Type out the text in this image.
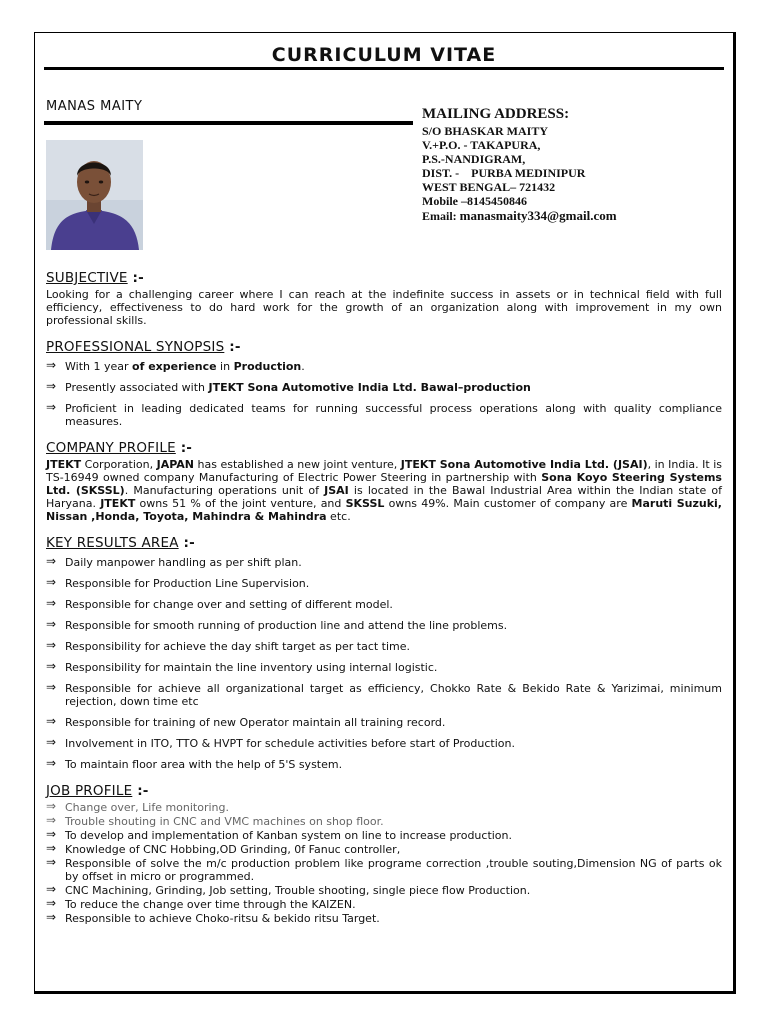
CURRICULUM VITAE
MANAS MAITY	MAILING ADDRESS:
S/O BHASKAR MAITY
V.+P.O. - TAKAPURA,
P.S.-NANDIGRAM,
DIST. -    PURBA MEDINIPUR
WEST BENGAL– 721432
Mobile –8145450846
Email: manasmaity334@gmail.com
SUBJECTIVE :-

Looking for a challenging career where I can reach at the indefinite success in assets or in technical field with full efficiency, effectiveness to do hard work for the growth of an organization along with improvement in my own professional skills.

PROFESSIONAL SYNOPSIS :-
⇒ With 1 year of experience in Production.
⇒ Presently associated with JTEKT Sona Automotive India Ltd. Bawal–production
⇒ Proficient in leading dedicated teams for running successful process operations along with quality compliance measures.
COMPANY PROFILE :-

JTEKT Corporation, JAPAN has established a new joint venture, JTEKT Sona Automotive India Ltd. (JSAI), in India. It is TS-16949 owned company Manufacturing of Electric Power Steering in partnership with Sona Koyo Steering Systems Ltd. (SKSSL). Manufacturing operations unit of JSAI is located in the Bawal Industrial Area within the Indian state of Haryana. JTEKT owns 51 % of the joint venture, and SKSSL owns 49%. Main customer of company are Maruti Suzuki, Nissan ,Honda, Toyota, Mahindra & Mahindra etc.

KEY RESULTS AREA :-
⇒ Daily manpower handling as per shift plan.
⇒ Responsible for Production Line Supervision.
⇒ Responsible for change over and setting of different model.
⇒ Responsible for smooth running of production line and attend the line problems.
⇒ Responsibility for achieve the day shift target as per tact time.
⇒ Responsibility for maintain the line inventory using internal logistic.
⇒ Responsible for achieve all organizational target as efficiency, Chokko Rate & Bekido Rate & Yarizimai, minimum rejection, down time etc
⇒ Responsible for training of new Operator maintain all training record.
⇒ Involvement in ITO, TTO & HVPT for schedule activities before start of Production.
⇒ To maintain floor area with the help of 5'S system.
JOB PROFILE :-
⇒ Change over, Life monitoring.
⇒ Trouble shouting in CNC and VMC machines on shop floor.
⇒ To develop and implementation of Kanban system on line to increase production.
⇒ Knowledge of CNC Hobbing,OD Grinding, 0f Fanuc controller,
⇒ Responsible of solve the m/c production problem like programe correction ,trouble souting,Dimension NG of parts ok by offset in micro or programmed.
⇒ CNC Machining, Grinding, Job setting, Trouble shooting, single piece flow Production.
⇒ To reduce the change over time through the KAIZEN.
⇒ Responsible to achieve Choko-ritsu & bekido ritsu Target.
